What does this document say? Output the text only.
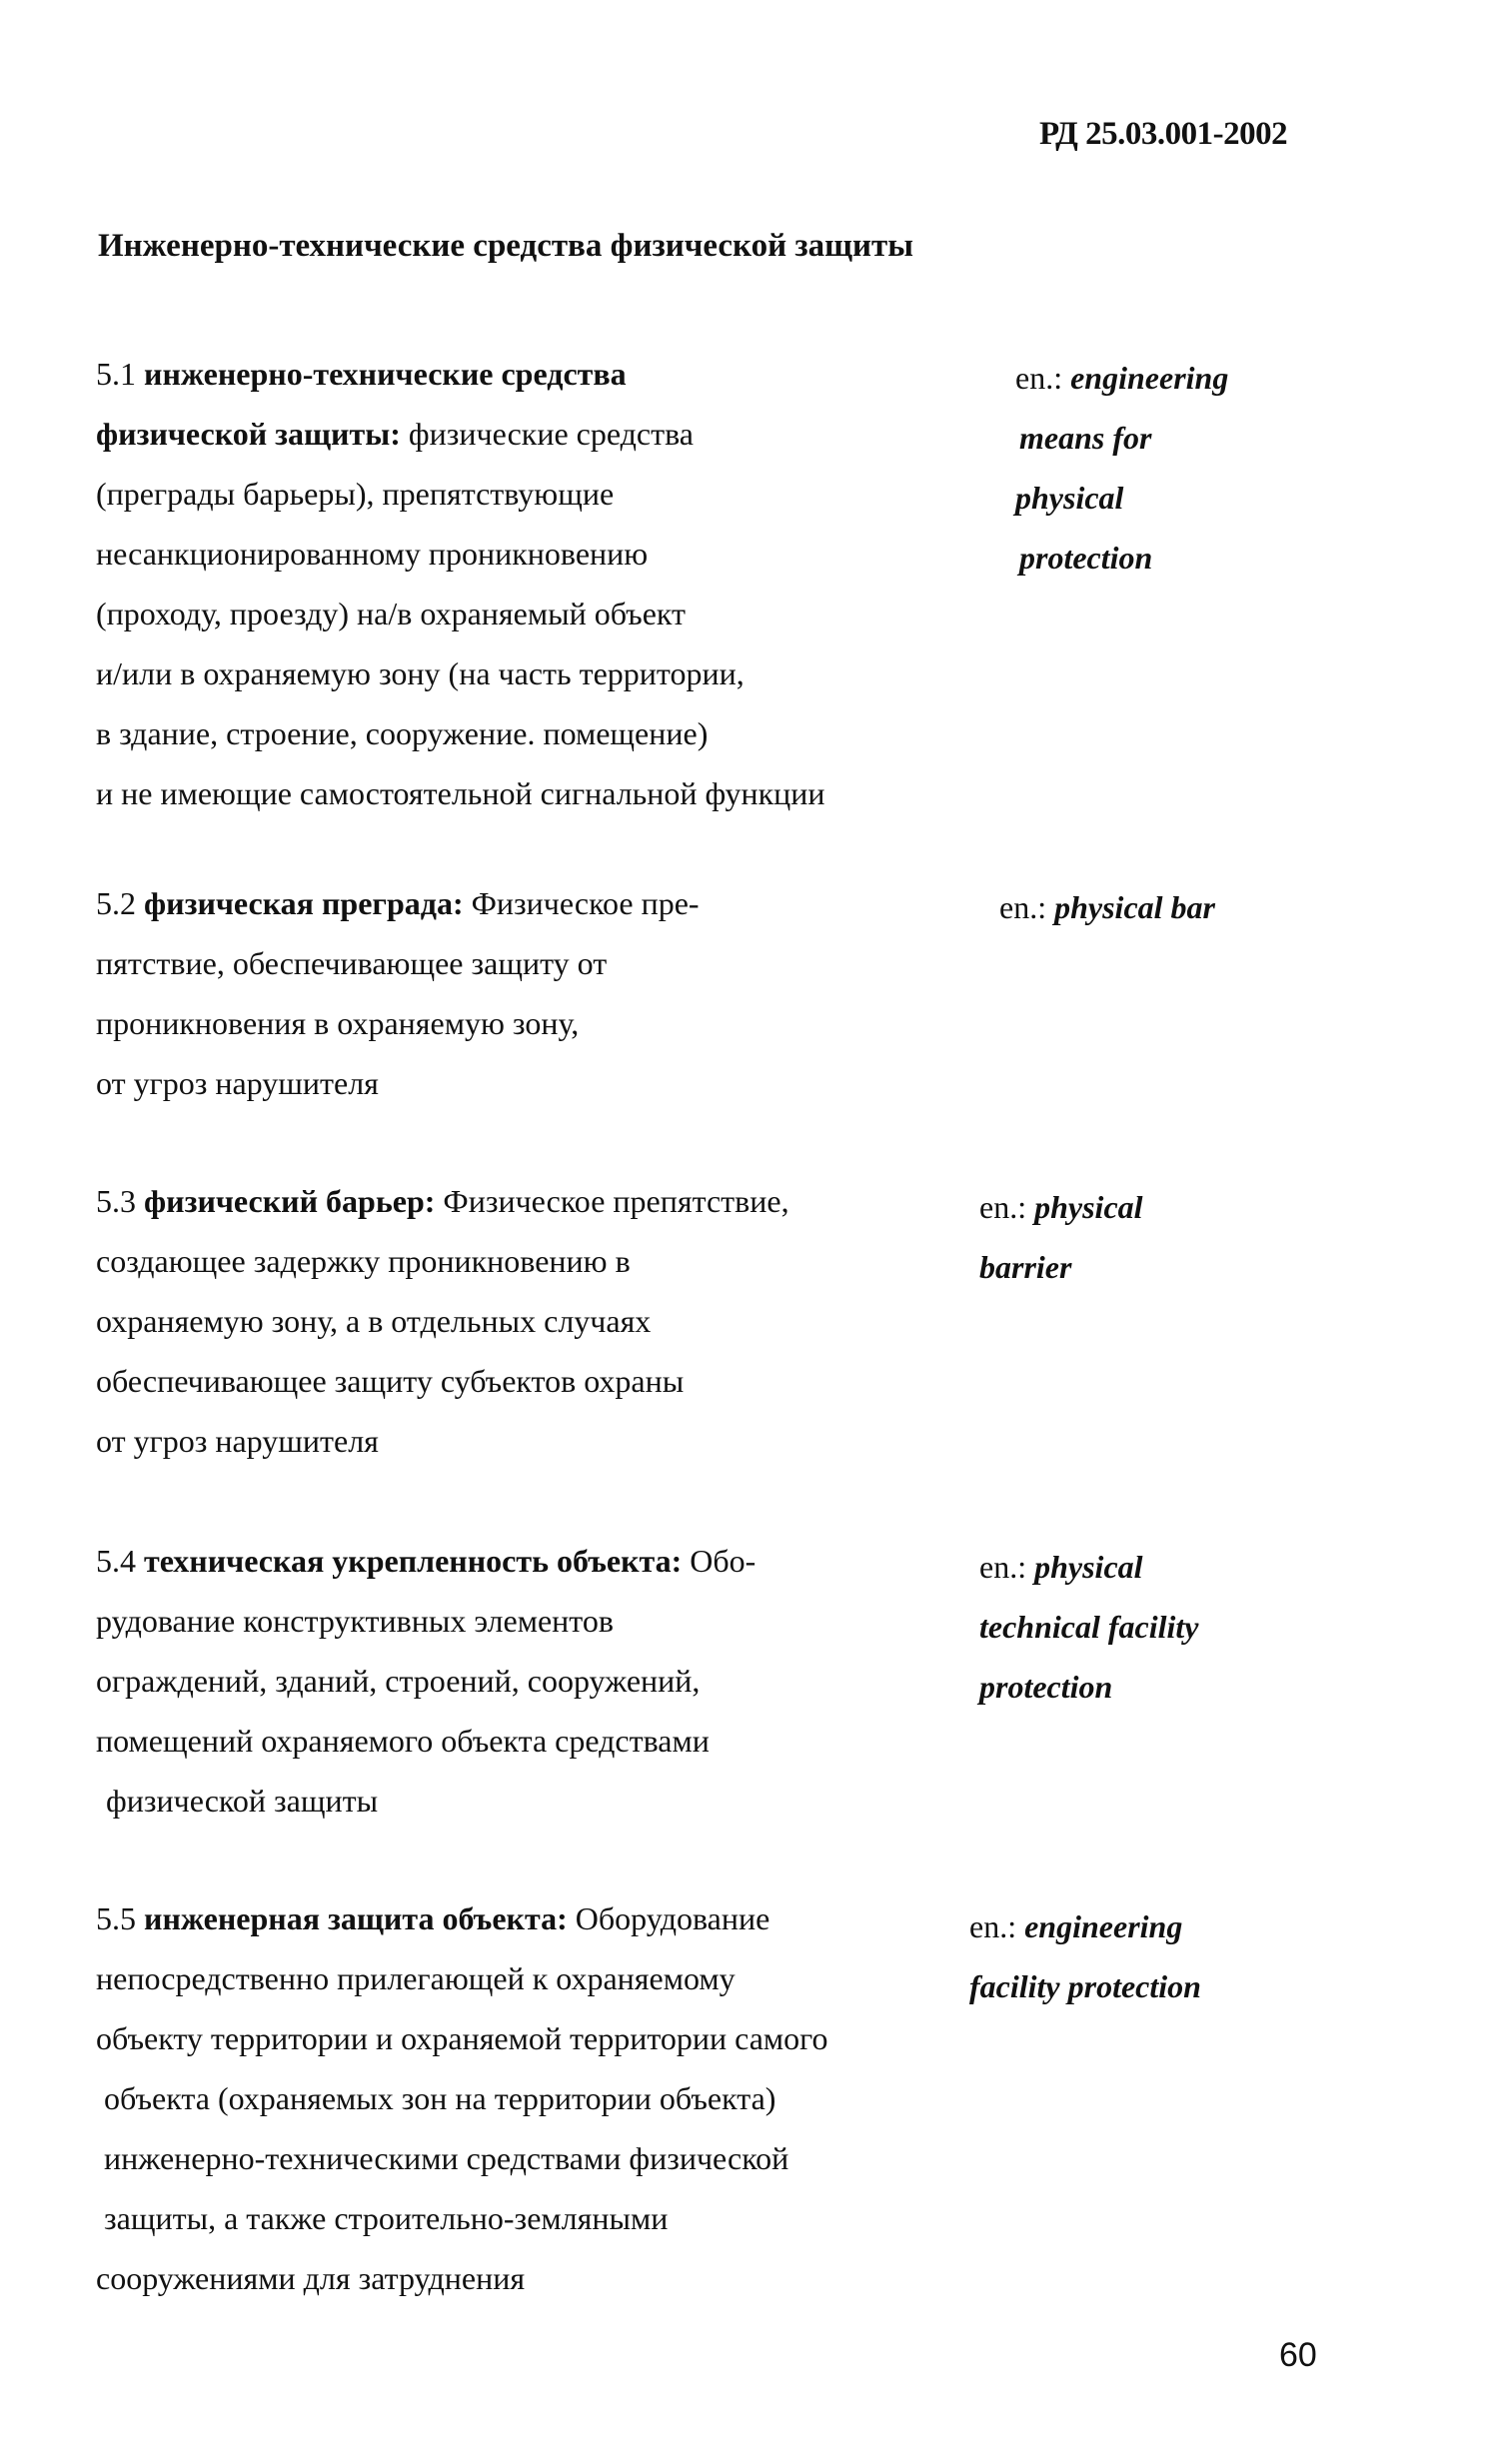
РД 25.03.001-2002
Инженерно-технические средства физической защиты
5.1 инженерно-технические средства
физической защиты: физические средства
(преграды барьеры), препятствующие
несанкционированному проникновению
(проходу, проезду) на/в охраняемый объект
и/или в охраняемую зону (на часть территории,
в здание, строение, сооружение. помещение)
и не имеющие самостоятельной сигнальной функции
en.: engineering
means for
physical
protection
5.2 физическая преграда: Физическое пре-
пятствие, обеспечивающее защиту от
проникновения в охраняемую зону,
от угроз нарушителя
en.: physical bar
5.3 физический барьер: Физическое препятствие,
создающее задержку проникновению в
охраняемую зону, а в отдельных случаях
обеспечивающее защиту субъектов охраны
от угроз нарушителя
en.: physical
barrier
5.4 техническая укрепленность объекта: Обо-
рудование конструктивных элементов
ограждений, зданий, строений, сооружений,
помещений охраняемого объекта средствами
физической защиты
en.: physical
technical facility
protection
5.5 инженерная защита объекта: Оборудование
непосредственно прилегающей к охраняемому
объекту территории и охраняемой территории самого
объекта (охраняемых зон на территории объекта)
инженерно-техническими средствами физической
защиты, а также строительно-земляными
сооружениями для затруднения
en.: engineering
facility protection
60
